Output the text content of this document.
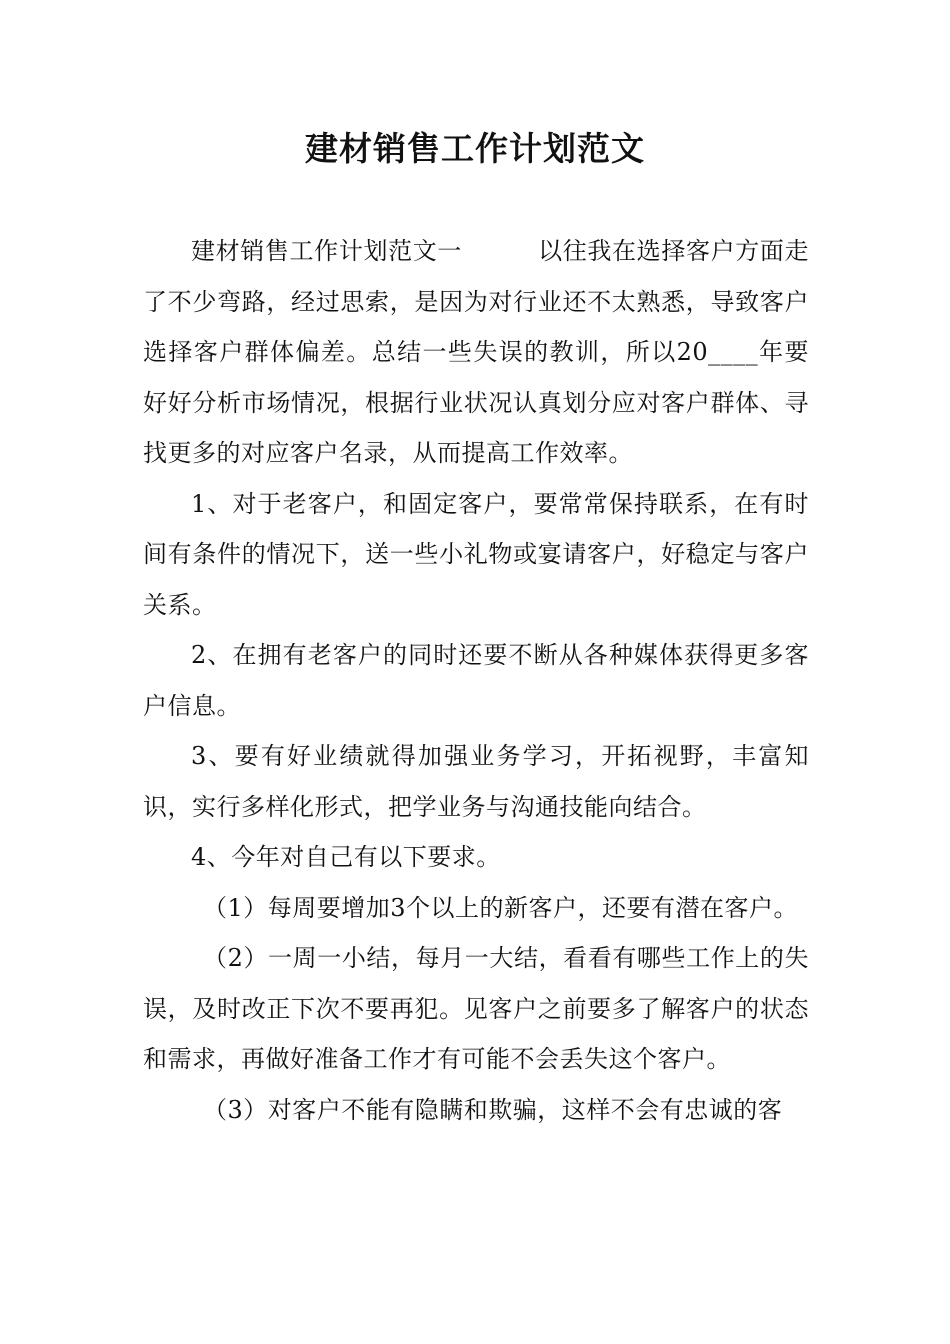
建材销售工作计划范文

建材销售工作计划范文一	以往我在选择客户方面走了不少弯路，经过思索，是因为对行业还不太熟悉，导致客户选择客户群体偏差。总结一些失误的教训，所以20____年要好好分析市场情况，根据行业状况认真划分应对客户群体、寻找更多的对应客户名录，从而提高工作效率。

1、对于老客户，和固定客户，要常常保持联系，在有时间有条件的情况下，送一些小礼物或宴请客户，好稳定与客户关系。

2、在拥有老客户的同时还要不断从各种媒体获得更多客户信息。

3、要有好业绩就得加强业务学习，开拓视野，丰富知识，实行多样化形式，把学业务与沟通技能向结合。

4、今年对自己有以下要求。

（1）每周要增加3个以上的新客户，还要有潜在客户。

（2）一周一小结，每月一大结，看看有哪些工作上的失误，及时改正下次不要再犯。见客户之前要多了解客户的状态和需求，再做好准备工作才有可能不会丢失这个客户。

（3）对客户不能有隐瞒和欺骗，这样不会有忠诚的客
